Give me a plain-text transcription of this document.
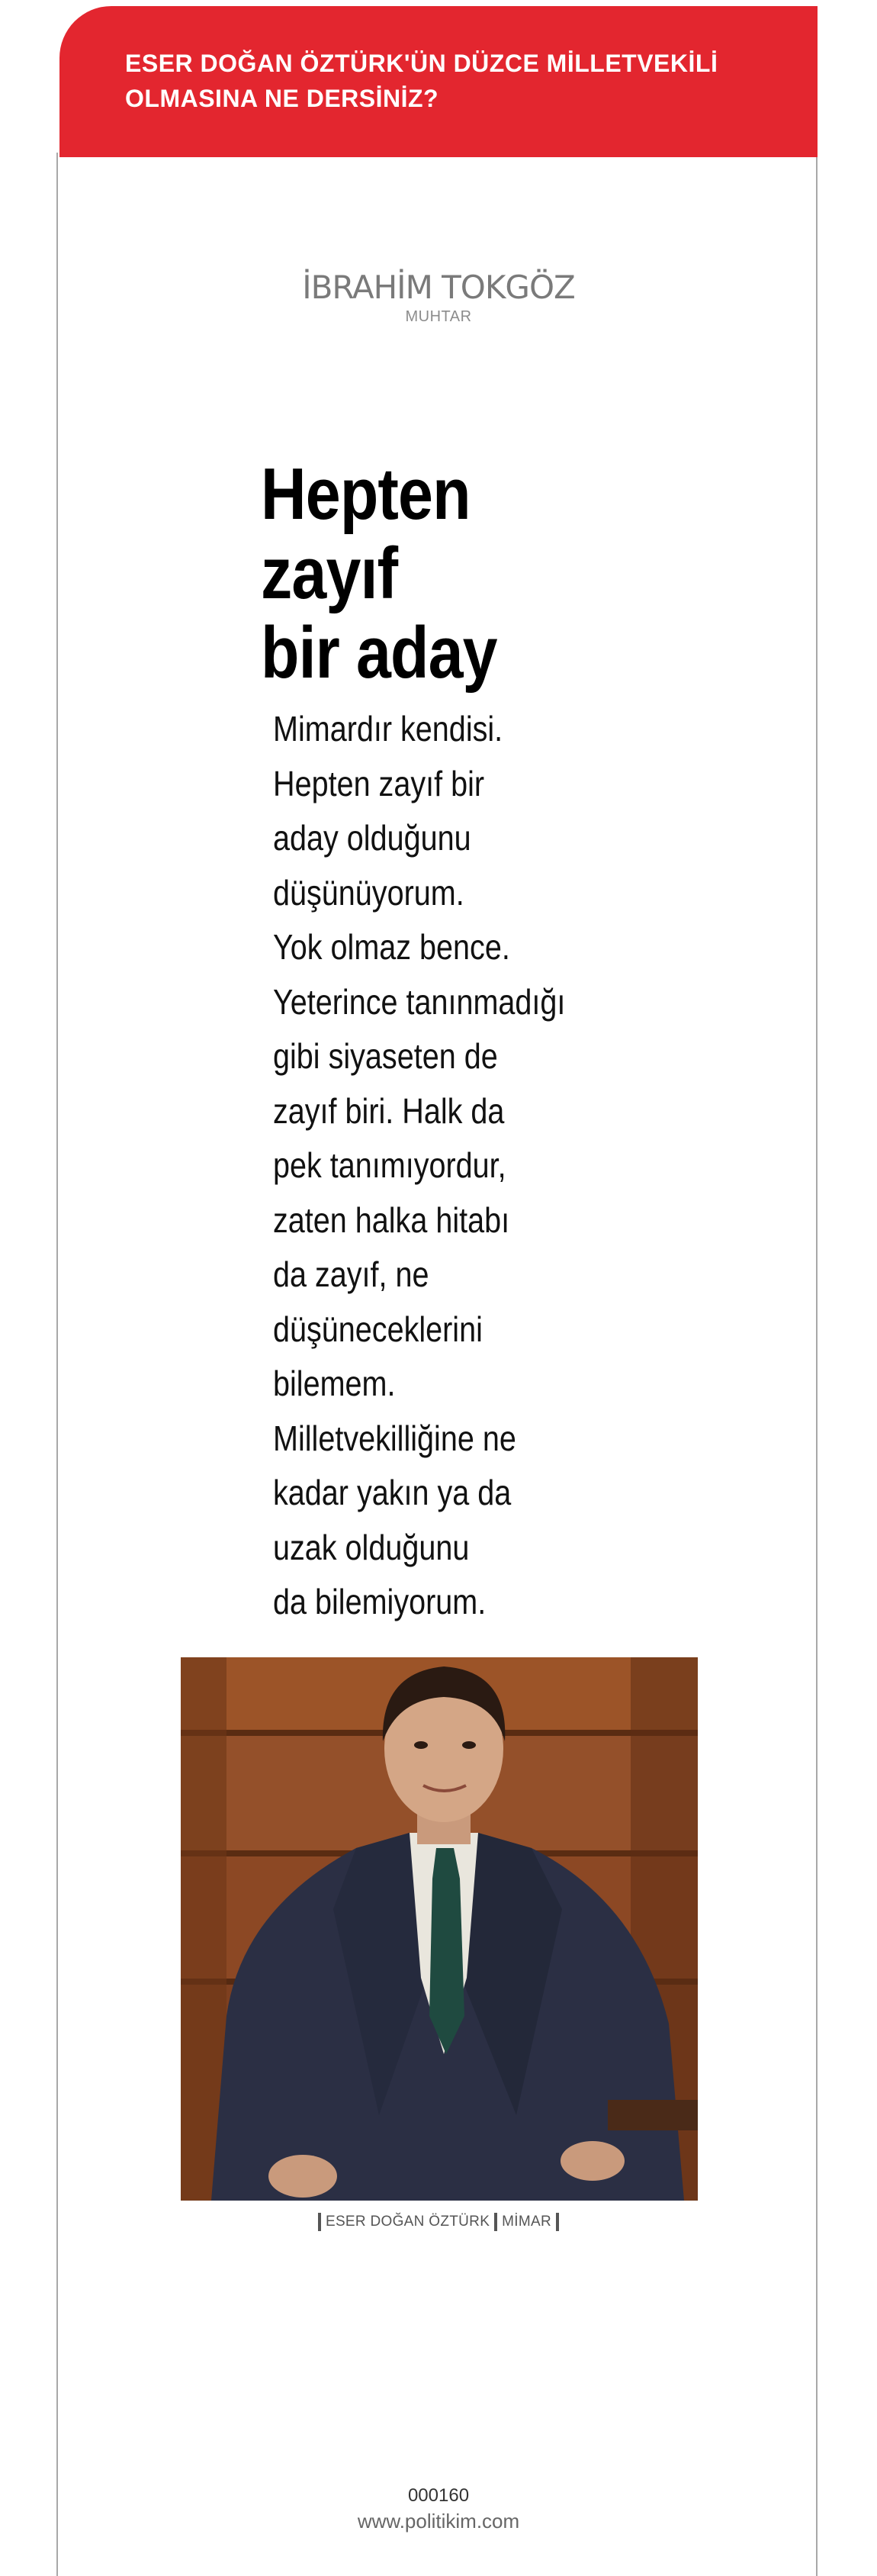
ESER DOĞAN ÖZTÜRK'ÜN DÜZCE MİLLETVEKİLİ
OLMASINA NE DERSİNİZ?
İBRAHİM TOKGÖZ
MUHTAR
Hepten
zayıf
bir aday
Mimardır kendisi.
Hepten zayıf bir
aday olduğunu
düşünüyorum.
Yok olmaz bence.
Yeterince tanınmadığı
gibi siyaseten de
zayıf biri. Halk da
pek tanımıyordur,
zaten halka hitabı
da zayıf, ne
düşüneceklerini
bilemem.
Milletvekilliğine ne
kadar yakın ya da
uzak olduğunu
da bilemiyorum.
ESER DOĞAN ÖZTÜRK MİMAR
000160
www.politikim.com
